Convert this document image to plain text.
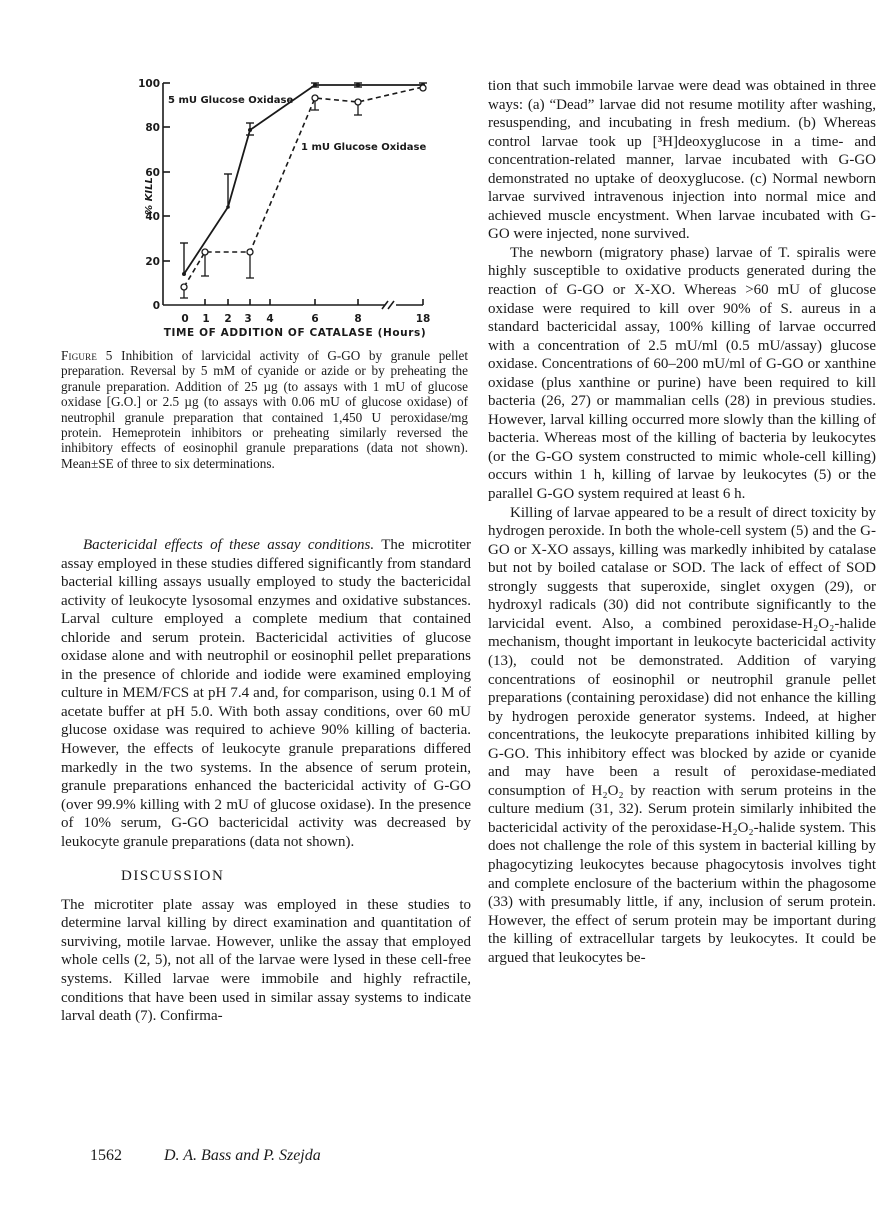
100
80
60
40
20
0
% KILL
0 1 2 3 4	6	8	18
TIME OF ADDITION OF CATALASE (Hours)
5 mU Glucose Oxidase
1 mU Glucose Oxidase
Figure 5 Inhibition of larvicidal activity of G-GO by granule pellet preparation. Reversal by 5 mM of cyanide or azide or by preheating the granule preparation. Addition of 25 µg (to assays with 1 mU of glucose oxidase [G.O.] or 2.5 µg (to assays with 0.06 mU of glucose oxidase) of neutrophil granule preparation that contained 1,450 U peroxidase/mg protein. Hemeprotein inhibitors or preheating similarly reversed the inhibitory effects of eosinophil granule preparations (data not shown). Mean±SE of three to six determinations.

Bactericidal effects of these assay conditions. The microtiter assay employed in these studies differed significantly from standard bacterial killing assays usually employed to study the bactericidal activity of leukocyte lysosomal enzymes and oxidative substances. Larval culture employed a complete medium that contained chloride and serum protein. Bactericidal activities of glucose oxidase alone and with neutrophil or eosinophil pellet preparations in the presence of chloride and iodide were examined employing culture in MEM/FCS at pH 7.4 and, for comparison, using 0.1 M of acetate buffer at pH 5.0. With both assay conditions, over 60 mU glucose oxidase was required to achieve 90% killing of bacteria. However, the effects of leukocyte granule preparations differed markedly in the two systems. In the absence of serum protein, granule preparations enhanced the bactericidal activity of G-GO (over 99.9% killing with 2 mU of glucose oxidase). In the presence of 10% serum, G-GO bactericidal activity was decreased by leukocyte granule preparations (data not shown).

DISCUSSION

The microtiter plate assay was employed in these studies to determine larval killing by direct examination and quantitation of surviving, motile larvae. However, unlike the assay that employed whole cells (2, 5), not all of the larvae were lysed in these cell-free systems. Killed larvae were immobile and highly refractile, conditions that have been used in similar assay systems to indicate larval death (7). Confirma-

tion that such immobile larvae were dead was obtained in three ways: (a) “Dead” larvae did not resume motility after washing, resuspending, and incubating in fresh medium. (b) Whereas control larvae took up [³H]deoxyglucose in a time- and concentration-related manner, larvae incubated with G-GO demonstrated no uptake of deoxyglucose. (c) Normal newborn larvae survived intravenous injection into normal mice and achieved muscle encystment. When larvae incubated with G-GO were injected, none survived.

The newborn (migratory phase) larvae of T. spiralis were highly susceptible to oxidative products generated during the reaction of G-GO or X-XO. Whereas >60 mU of glucose oxidase were required to kill over 90% of S. aureus in a standard bactericidal assay, 100% killing of larvae occurred with a concentration of 2.5 mU/ml (0.5 mU/assay) glucose oxidase. Concentrations of 60–200 mU/ml of G-GO or xanthine oxidase (plus xanthine or purine) have been required to kill bacteria (26, 27) or mammalian cells (28) in previous studies. However, larval killing occurred more slowly than the killing of bacteria. Whereas most of the killing of bacteria by leukocytes (or the G-GO system constructed to mimic whole-cell killing) occurs within 1 h, killing of larvae by leukocytes (5) or the parallel G-GO system required at least 6 h.

Killing of larvae appeared to be a result of direct toxicity by hydrogen peroxide. In both the whole-cell system (5) and the G-GO or X-XO assays, killing was markedly inhibited by catalase but not by boiled catalase or SOD. The lack of effect of SOD strongly suggests that superoxide, singlet oxygen (29), or hydroxyl radicals (30) did not contribute significantly to the larvicidal event. Also, a combined peroxidase-H₂O₂-halide mechanism, thought important in leukocyte bactericidal activity (13), could not be demonstrated. Addition of varying concentrations of eosinophil or neutrophil granule pellet preparations (containing peroxidase) did not enhance the killing by hydrogen peroxide generator systems. Indeed, at higher concentrations, the leukocyte preparations inhibited killing by G-GO. This inhibitory effect was blocked by azide or cyanide and may have been a result of peroxidase-mediated consumption of H₂O₂ by reaction with serum proteins in the culture medium (31, 32). Serum protein similarly inhibited the bactericidal activity of the peroxidase-H₂O₂-halide system. This does not challenge the role of this system in bacterial killing by phagocytizing leukocytes because phagocytosis involves tight and complete enclosure of the bacterium within the phagosome (33) with presumably little, if any, inclusion of serum protein. However, the effect of serum protein may be important during the killing of extracellular targets by leukocytes. It could be argued that leukocytes be-

1562	D. A. Bass and P. Szejda
